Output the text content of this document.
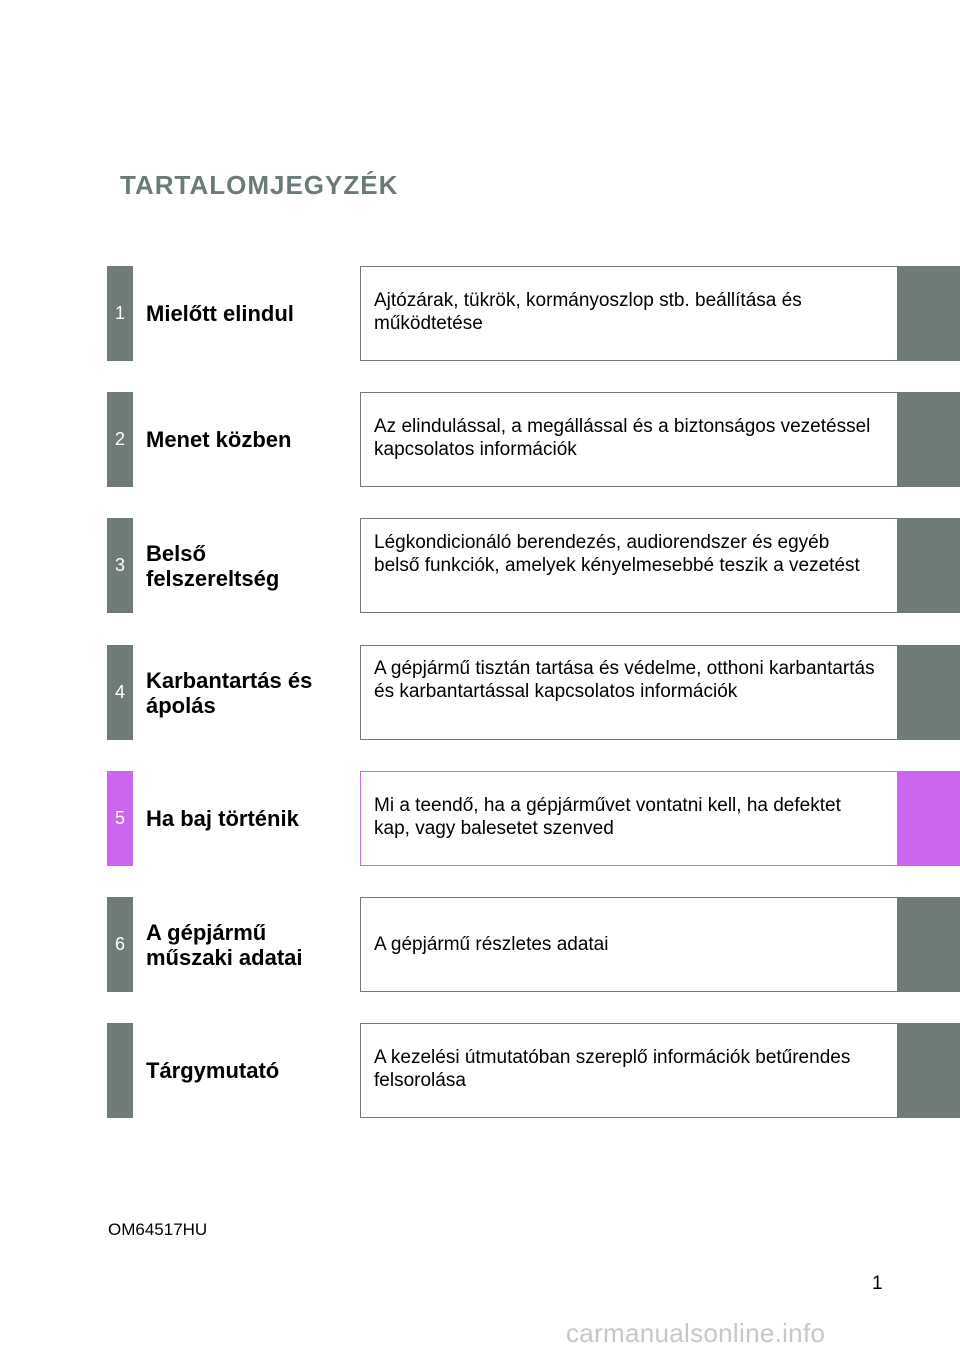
TARTALOMJEGYZÉK
1 Mielőtt elindul
Ajtózárak, tükrök, kormányoszlop stb. beállítása és működtetése
2 Menet közben
Az elindulással, a megállással és a biztonságos vezetéssel kapcsolatos információk
3 Belső felszereltség
Légkondicionáló berendezés, audiorendszer és egyéb belső funkciók, amelyek kényelmesebbé teszik a vezetést
4 Karbantartás és ápolás
A gépjármű tisztán tartása és védelme, otthoni karbantartás és karbantartással kapcsolatos információk
5 Ha baj történik
Mi a teendő, ha a gépjárművet vontatni kell, ha defektet kap, vagy balesetet szenved
6 A gépjármű műszaki adatai	A gépjármű részletes adatai
Tárgymutató
A kezelési útmutatóban szereplő információk betűrendes felsorolása
OM64517HU
1
carmanualsonline.info
